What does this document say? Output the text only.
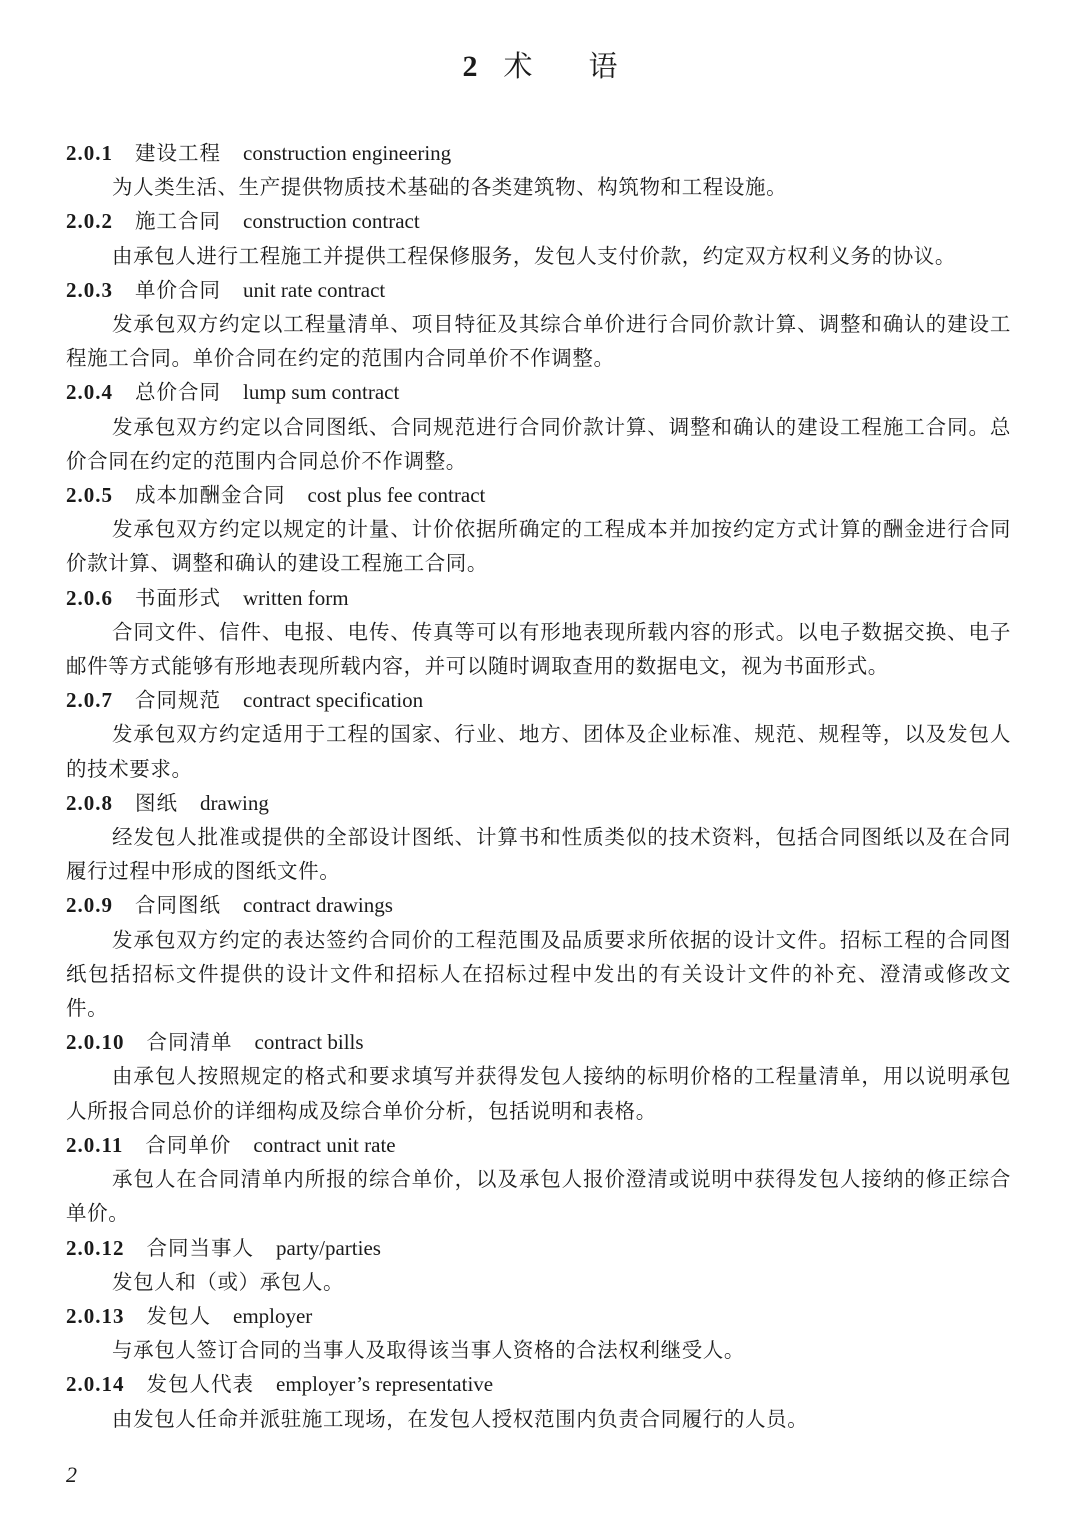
2 术 语
2.0.1 建设工程 construction engineering
为人类生活、生产提供物质技术基础的各类建筑物、构筑物和工程设施。
2.0.2 施工合同 construction contract
由承包人进行工程施工并提供工程保修服务，发包人支付价款，约定双方权利义务的协议。
2.0.3 单价合同 unit rate contract
发承包双方约定以工程量清单、项目特征及其综合单价进行合同价款计算、调整和确认的建设工程施工合同。单价合同在约定的范围内合同单价不作调整。
2.0.4 总价合同 lump sum contract
发承包双方约定以合同图纸、合同规范进行合同价款计算、调整和确认的建设工程施工合同。总价合同在约定的范围内合同总价不作调整。
2.0.5 成本加酬金合同 cost plus fee contract
发承包双方约定以规定的计量、计价依据所确定的工程成本并加按约定方式计算的酬金进行合同价款计算、调整和确认的建设工程施工合同。
2.0.6 书面形式 written form
合同文件、信件、电报、电传、传真等可以有形地表现所载内容的形式。以电子数据交换、电子邮件等方式能够有形地表现所载内容，并可以随时调取查用的数据电文，视为书面形式。
2.0.7 合同规范 contract specification
发承包双方约定适用于工程的国家、行业、地方、团体及企业标准、规范、规程等，以及发包人的技术要求。
2.0.8 图纸 drawing
经发包人批准或提供的全部设计图纸、计算书和性质类似的技术资料，包括合同图纸以及在合同履行过程中形成的图纸文件。
2.0.9 合同图纸 contract drawings
发承包双方约定的表达签约合同价的工程范围及品质要求所依据的设计文件。招标工程的合同图纸包括招标文件提供的设计文件和招标人在招标过程中发出的有关设计文件的补充、澄清或修改文件。
2.0.10 合同清单 contract bills
由承包人按照规定的格式和要求填写并获得发包人接纳的标明价格的工程量清单，用以说明承包人所报合同总价的详细构成及综合单价分析，包括说明和表格。
2.0.11 合同单价 contract unit rate
承包人在合同清单内所报的综合单价，以及承包人报价澄清或说明中获得发包人接纳的修正综合单价。
2.0.12 合同当事人 party/parties
发包人和（或）承包人。
2.0.13 发包人 employer
与承包人签订合同的当事人及取得该当事人资格的合法权利继受人。
2.0.14 发包人代表 employer’s representative
由发包人任命并派驻施工现场，在发包人授权范围内负责合同履行的人员。
2
